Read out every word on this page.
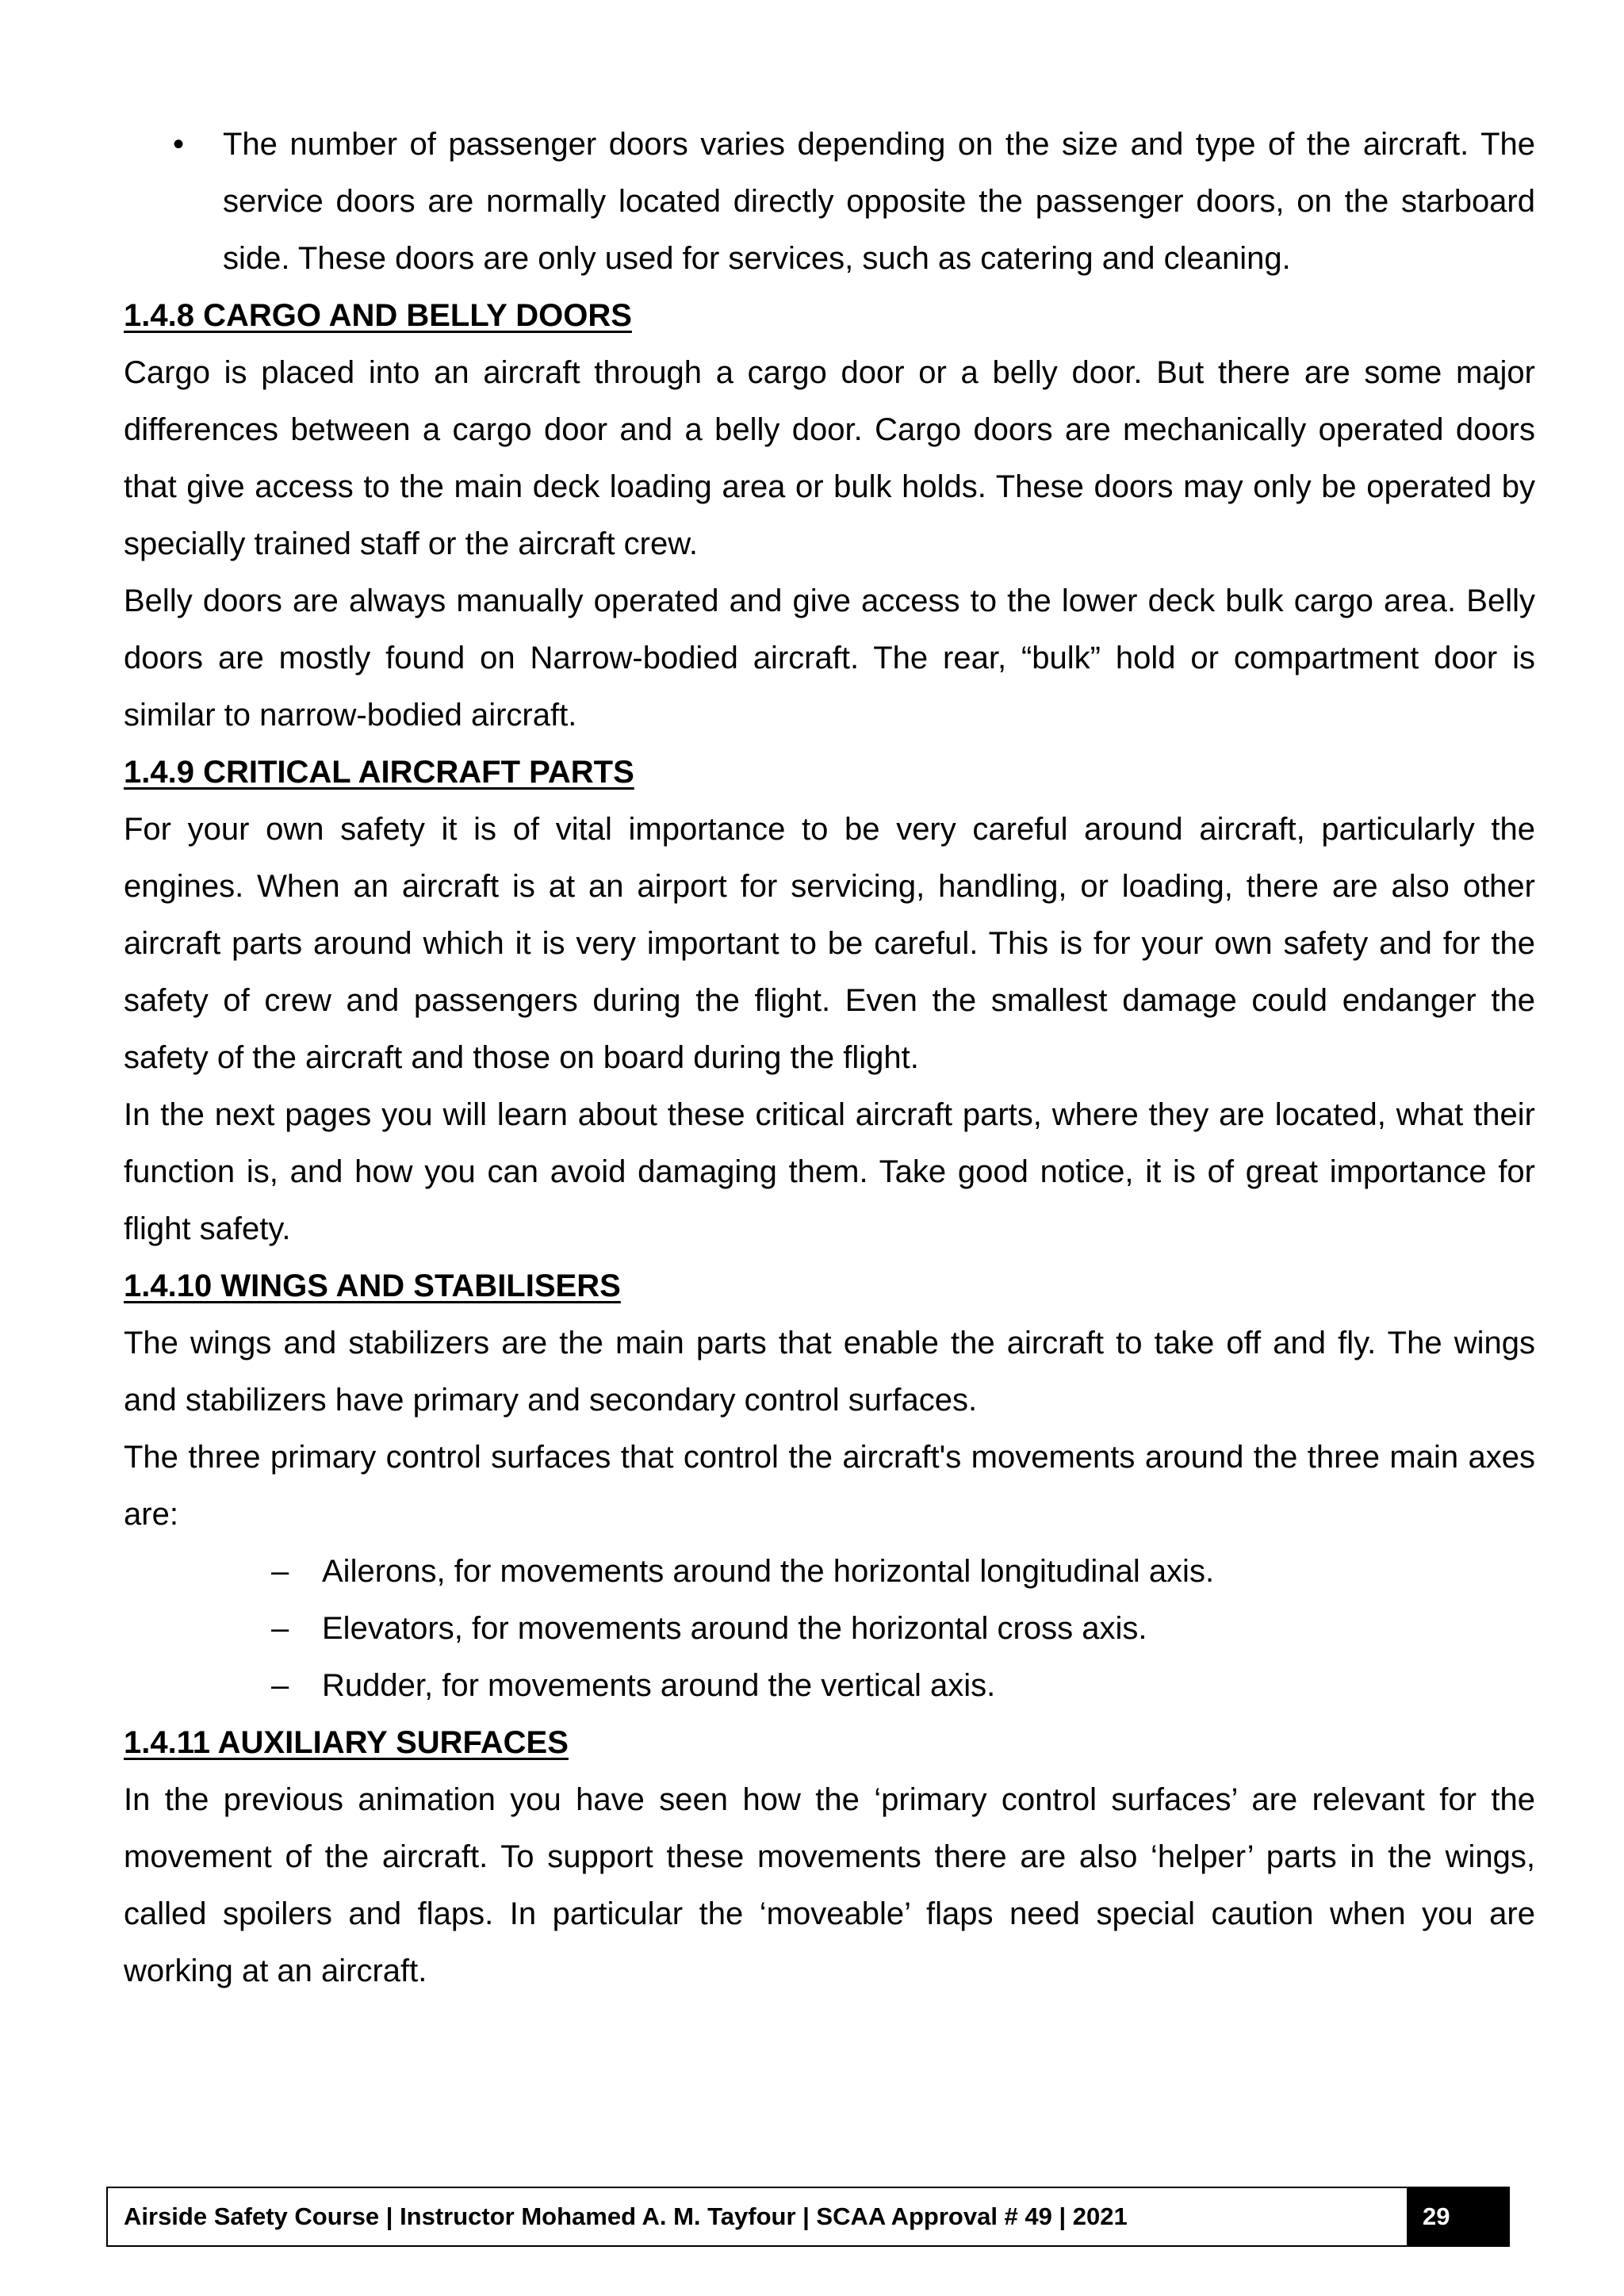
•	The number of passenger doors varies depending on the size and type of the aircraft. The service doors are normally located directly opposite the passenger doors, on the starboard side. These doors are only used for services, such as catering and cleaning.
1.4.8 CARGO AND BELLY DOORS

Cargo is placed into an aircraft through a cargo door or a belly door. But there are some major differences between a cargo door and a belly door. Cargo doors are mechanically operated doors that give access to the main deck loading area or bulk holds. These doors may only be operated by specially trained staff or the aircraft crew.

Belly doors are always manually operated and give access to the lower deck bulk cargo area. Belly doors are mostly found on Narrow-bodied aircraft. The rear, “bulk” hold or compartment door is similar to narrow-bodied aircraft.

1.4.9 CRITICAL AIRCRAFT PARTS

For your own safety it is of vital importance to be very careful around aircraft, particularly the engines. When an aircraft is at an airport for servicing, handling, or loading, there are also other aircraft parts around which it is very important to be careful. This is for your own safety and for the safety of crew and passengers during the flight. Even the smallest damage could endanger the safety of the aircraft and those on board during the flight.

In the next pages you will learn about these critical aircraft parts, where they are located, what their function is, and how you can avoid damaging them. Take good notice, it is of great importance for flight safety.

1.4.10 WINGS AND STABILISERS

The wings and stabilizers are the main parts that enable the aircraft to take off and fly. The wings and stabilizers have primary and secondary control surfaces.

The three primary control surfaces that control the aircraft's movements around the three main axes are:

–	Ailerons, for movements around the horizontal longitudinal axis.
–	Elevators, for movements around the horizontal cross axis.
–	Rudder, for movements around the vertical axis.
1.4.11 AUXILIARY SURFACES

In the previous animation you have seen how the ‘primary control surfaces’ are relevant for the movement of the aircraft. To support these movements there are also ‘helper’ parts in the wings, called spoilers and flaps. In particular the ‘moveable’ flaps need special caution when you are working at an aircraft.

Airside Safety Course | Instructor Mohamed A. M. Tayfour | SCAA Approval # 49 | 2021	29
